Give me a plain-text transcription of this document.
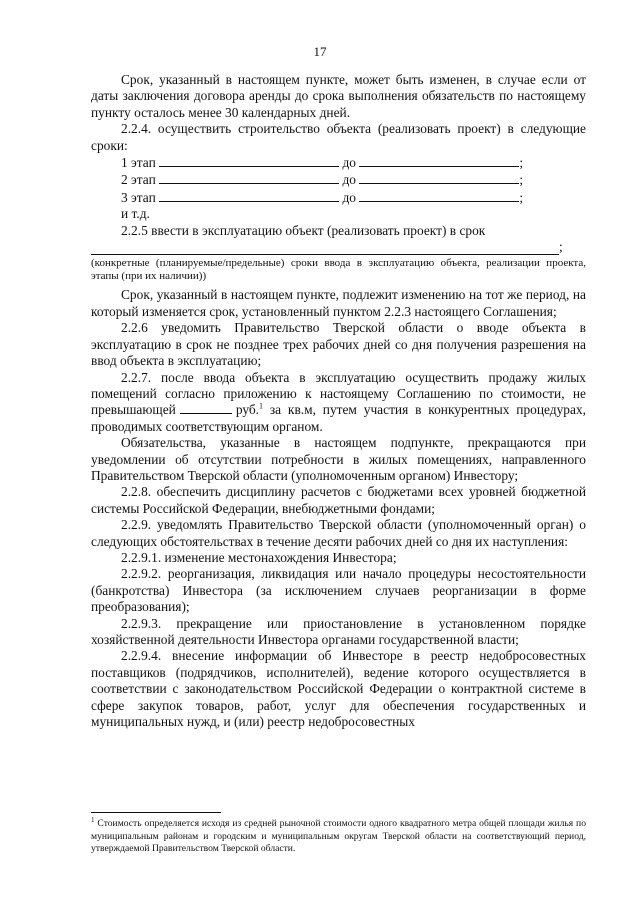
17

Срок, указанный в настоящем пункте, может быть изменен, в случае если от даты заключения договора аренды до срока выполнения обязательств по настоящему пункту осталось менее 30 календарных дней.

2.2.4. осуществить строительство объекта (реализовать проект) в следующие сроки:

1 этап	до	;
2 этап	до	;
3 этап	до	;
и т.д.

2.2.5 ввести в эксплуатацию объект (реализовать проект) в срок

;

(конкретные (планируемые/предельные) сроки ввода в эксплуатацию объекта, реализации проекта, этапы (при их наличии))

Срок, указанный в настоящем пункте, подлежит изменению на тот же период, на который изменяется срок, установленный пунктом 2.2.3 настоящего Соглашения;

2.2.6 уведомить Правительство Тверской области о вводе объекта в эксплуатацию в срок не позднее трех рабочих дней со дня получения разрешения на ввод объекта в эксплуатацию;

2.2.7. после ввода объекта в эксплуатацию осуществить продажу жилых помещений согласно приложению к настоящему Соглашению по стоимости, не превышающей	руб.$^1$ за кв.м, путем участия в конкурентных процедурах, проводимых соответствующим органом.

Обязательства, указанные в настоящем подпункте, прекращаются при уведомлении об отсутствии потребности в жилых помещениях, направленного Правительством Тверской области (уполномоченным органом) Инвестору;

2.2.8. обеспечить дисциплину расчетов с бюджетами всех уровней бюджетной системы Российской Федерации, внебюджетными фондами;

2.2.9. уведомлять Правительство Тверской области (уполномоченный орган) о следующих обстоятельствах в течение десяти рабочих дней со дня их наступления:

2.2.9.1. изменение местонахождения Инвестора;

2.2.9.2. реорганизация, ликвидация или начало процедуры несостоятельности (банкротства) Инвестора (за исключением случаев реорганизации в форме преобразования);

2.2.9.3. прекращение или приостановление в установленном порядке хозяйственной деятельности Инвестора органами государственной власти;

2.2.9.4. внесение информации об Инвесторе в реестр недобросовестных поставщиков (подрядчиков, исполнителей), ведение которого осуществляется в соответствии с законодательством Российской Федерации о контрактной системе в сфере закупок товаров, работ, услуг для обеспечения государственных и муниципальных нужд, и (или) реестр недобросовестных

$^1$ Стоимость определяется исходя из средней рыночной стоимости одного квадратного метра общей площади жилья по муниципальным районам и городским и муниципальным округам Тверской области на соответствующий период, утверждаемой Правительством Тверской области.
